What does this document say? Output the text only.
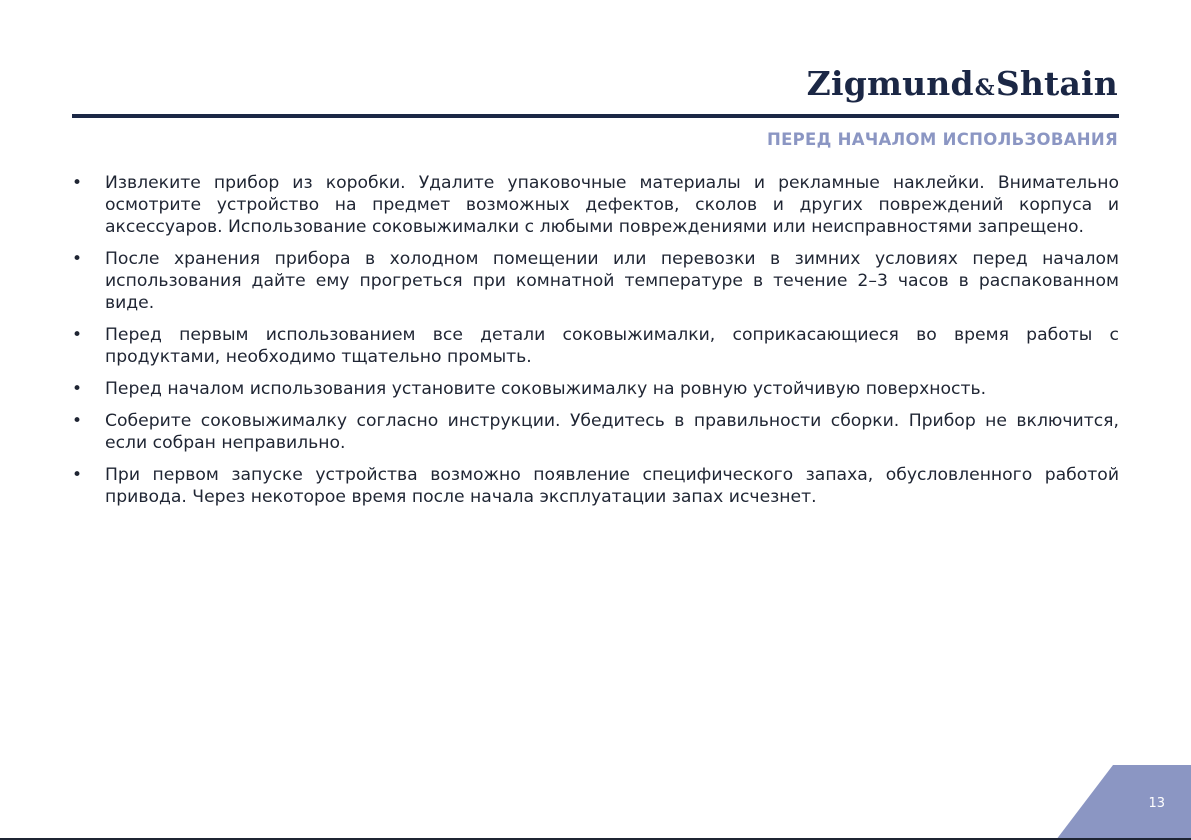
Zigmund&Shtain
ПЕРЕД НАЧАЛОМ ИСПОЛЬЗОВАНИЯ
• Извлеките прибор из коробки. Удалите упаковочные материалы и рекламные наклейки. Внимательно осмотрите устройство на предмет возможных дефектов, сколов и других повреждений корпуса и аксессуаров. Использование соковыжималки с любыми повреждениями или неисправностями запрещено.
• После хранения прибора в холодном помещении или перевозки в зимних условиях перед началом использования дайте ему прогреться при комнатной температуре в течение 2–3 часов в распакованном виде.
• Перед первым использованием все детали соковыжималки, соприкасающиеся во время работы с продуктами, необходимо тщательно промыть.
• Перед началом использования установите соковыжималку на ровную устойчивую поверхность.
• Соберите соковыжималку согласно инструкции. Убедитесь в правильности сборки. Прибор не включится, если собран неправильно.
• При первом запуске устройства возможно появление специфического запаха, обусловленного работой привода. Через некоторое время после начала эксплуатации запах исчезнет.
13
